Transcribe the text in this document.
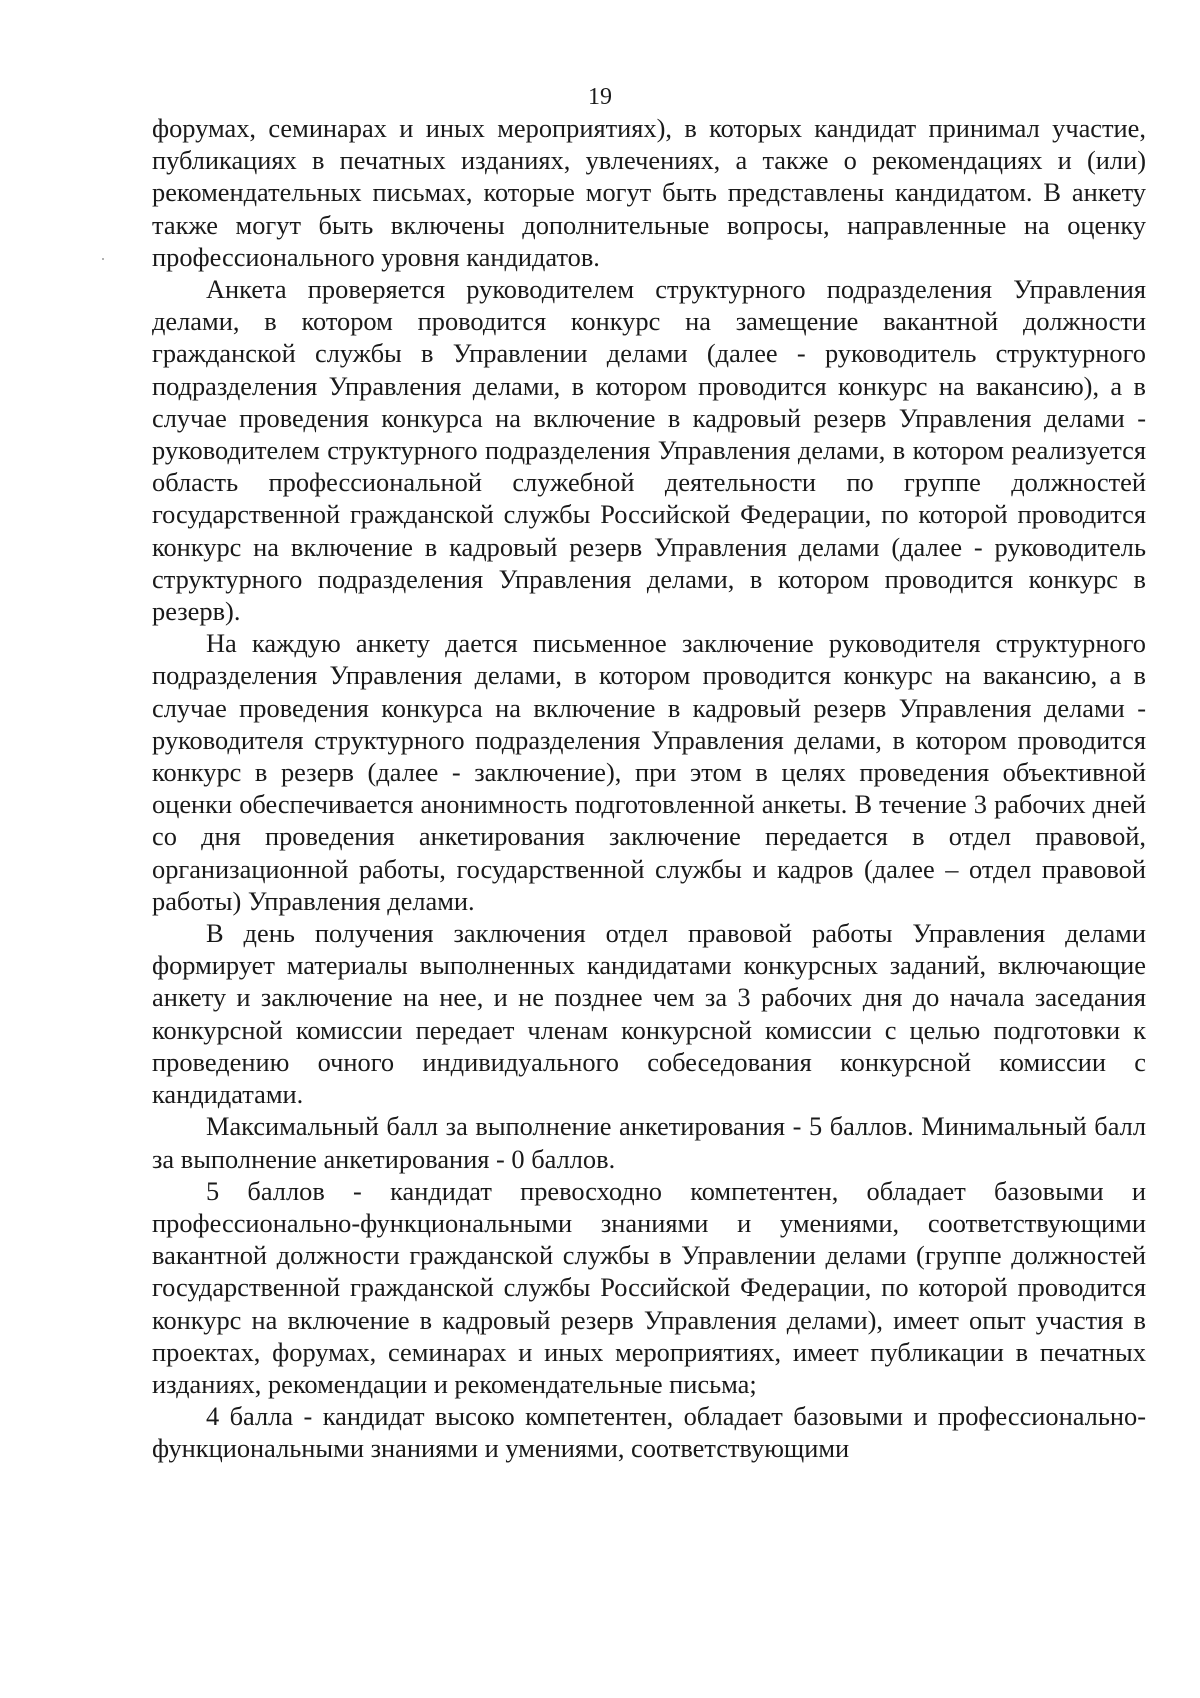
19

форумах, семинарах и иных мероприятиях), в которых кандидат принимал участие, публикациях в печатных изданиях, увлечениях, а также о рекомендациях и (или) рекомендательных письмах, которые могут быть представлены кандидатом. В анкету также могут быть включены дополнительные вопросы, направленные на оценку профессионального уровня кандидатов.

Анкета проверяется руководителем структурного подразделения Управления делами, в котором проводится конкурс на замещение вакантной должности гражданской службы в Управлении делами (далее - руководитель структурного подразделения Управления делами, в котором проводится конкурс на вакансию), а в случае проведения конкурса на включение в кадровый резерв Управления делами - руководителем структурного подразделения Управления делами, в котором реализуется область профессиональной служебной деятельности по группе должностей государственной гражданской службы Российской Федерации, по которой проводится конкурс на включение в кадровый резерв Управления делами (далее - руководитель структурного подразделения Управления делами, в котором проводится конкурс в резерв).

На каждую анкету дается письменное заключение руководителя структурного подразделения Управления делами, в котором проводится конкурс на вакансию, а в случае проведения конкурса на включение в кадровый резерв Управления делами - руководителя структурного подразделения Управления делами, в котором проводится конкурс в резерв (далее - заключение), при этом в целях проведения объективной оценки обеспечивается анонимность подготовленной анкеты. В течение 3 рабочих дней со дня проведения анкетирования заключение передается в отдел правовой, организационной работы, государственной службы и кадров (далее – отдел правовой работы) Управления делами.

В день получения заключения отдел правовой работы Управления делами формирует материалы выполненных кандидатами конкурсных заданий, включающие анкету и заключение на нее, и не позднее чем за 3 рабочих дня до начала заседания конкурсной комиссии передает членам конкурсной комиссии с целью подготовки к проведению очного индивидуального собеседования конкурсной комиссии с кандидатами.

Максимальный балл за выполнение анкетирования - 5 баллов. Минимальный балл за выполнение анкетирования - 0 баллов.

5 баллов - кандидат превосходно компетентен, обладает базовыми и профессионально-функциональными знаниями и умениями, соответствующими вакантной должности гражданской службы в Управлении делами (группе должностей государственной гражданской службы Российской Федерации, по которой проводится конкурс на включение в кадровый резерв Управления делами), имеет опыт участия в проектах, форумах, семинарах и иных мероприятиях, имеет публикации в печатных изданиях, рекомендации и рекомендательные письма;

4 балла - кандидат высоко компетентен, обладает базовыми и профессионально-функциональными знаниями и умениями, соответствующими
